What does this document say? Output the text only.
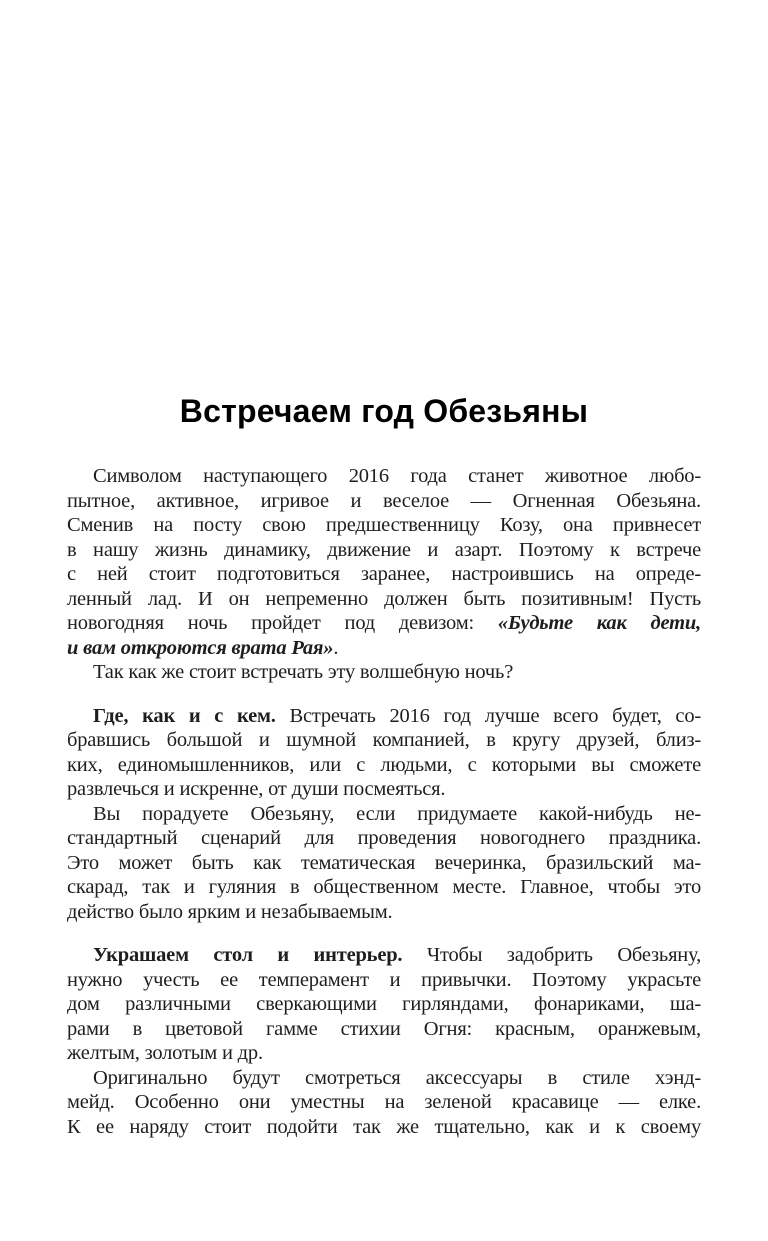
Встречаем год Обезьяны
Символом наступающего 2016 года станет животное любо-
пытное, активное, игривое и веселое — Огненная Обезьяна.
Сменив на посту свою предшественницу Козу, она привнесет
в нашу жизнь динамику, движение и азарт. Поэтому к встрече
с ней стоит подготовиться заранее, настроившись на опреде-
ленный лад. И он непременно должен быть позитивным! Пусть
новогодняя ночь пройдет под девизом: «Будьте как дети,
и вам откроются врата Рая».
Так как же стоит встречать эту волшебную ночь?
Где, как и с кем. Встречать 2016 год лучше всего будет, со-
бравшись большой и шумной компанией, в кругу друзей, близ-
ких, единомышленников, или с людьми, с которыми вы сможете
развлечься и искренне, от души посмеяться.
Вы порадуете Обезьяну, если придумаете какой-нибудь не-
стандартный сценарий для проведения новогоднего праздника.
Это может быть как тематическая вечеринка, бразильский ма-
скарад, так и гуляния в общественном месте. Главное, чтобы это
действо было ярким и незабываемым.
Украшаем стол и интерьер. Чтобы задобрить Обезьяну,
нужно учесть ее темперамент и привычки. Поэтому украсьте
дом различными сверкающими гирляндами, фонариками, ша-
рами в цветовой гамме стихии Огня: красным, оранжевым,
желтым, золотым и др.
Оригинально будут смотреться аксессуары в стиле хэнд-
мейд. Особенно они уместны на зеленой красавице — елке.
К ее наряду стоит подойти так же тщательно, как и к своему
